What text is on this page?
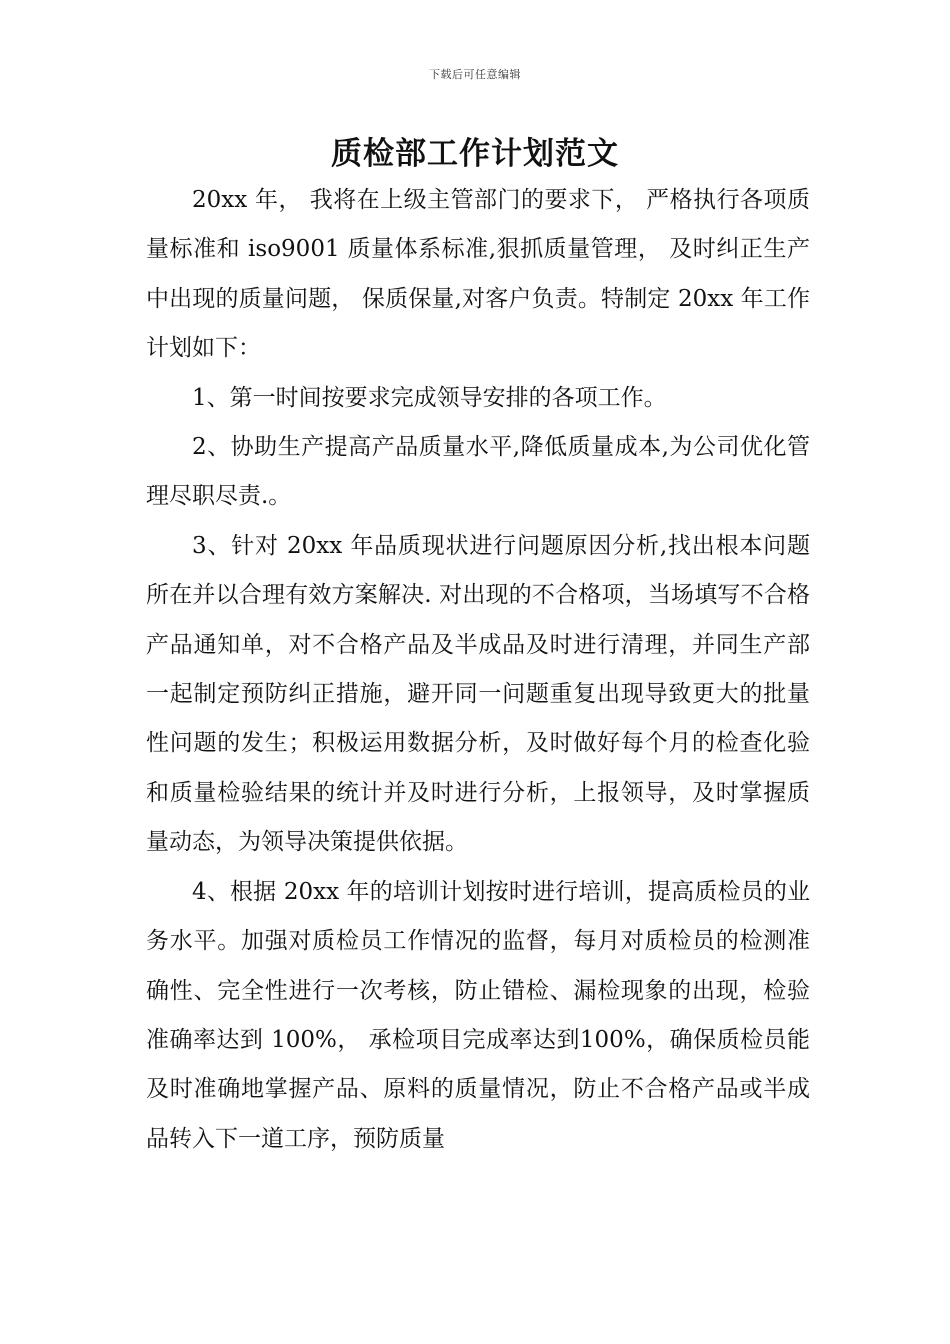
下载后可任意编辑
质检部工作计划范文

20xx 年， 我将在上级主管部门的要求下， 严格执行各项质量标准和 iso9001 质量体系标准,狠抓质量管理， 及时纠正生产中出现的质量问题， 保质保量,对客户负责。特制定 20xx 年工作计划如下：

1、第一时间按要求完成领导安排的各项工作。

2、协助生产提高产品质量水平,降低质量成本,为公司优化管理尽职尽责.。

3、针对 20xx 年品质现状进行问题原因分析,找出根本问题所在并以合理有效方案解决. 对出现的不合格项，当场填写不合格产品通知单，对不合格产品及半成品及时进行清理，并同生产部一起制定预防纠正措施，避开同一问题重复出现导致更大的批量性问题的发生；积极运用数据分析，及时做好每个月的检查化验和质量检验结果的统计并及时进行分析，上报领导，及时掌握质量动态，为领导决策提供依据。

4、根据 20xx 年的培训计划按时进行培训，提高质检员的业务水平。加强对质检员工作情况的监督，每月对质检员的检测准确性、完全性进行一次考核，防止错检、漏检现象的出现，检验准确率达到 100%， 承检项目完成率达到100%，确保质检员能及时准确地掌握产品、原料的质量情况，防止不合格产品或半成品转入下一道工序，预防质量
